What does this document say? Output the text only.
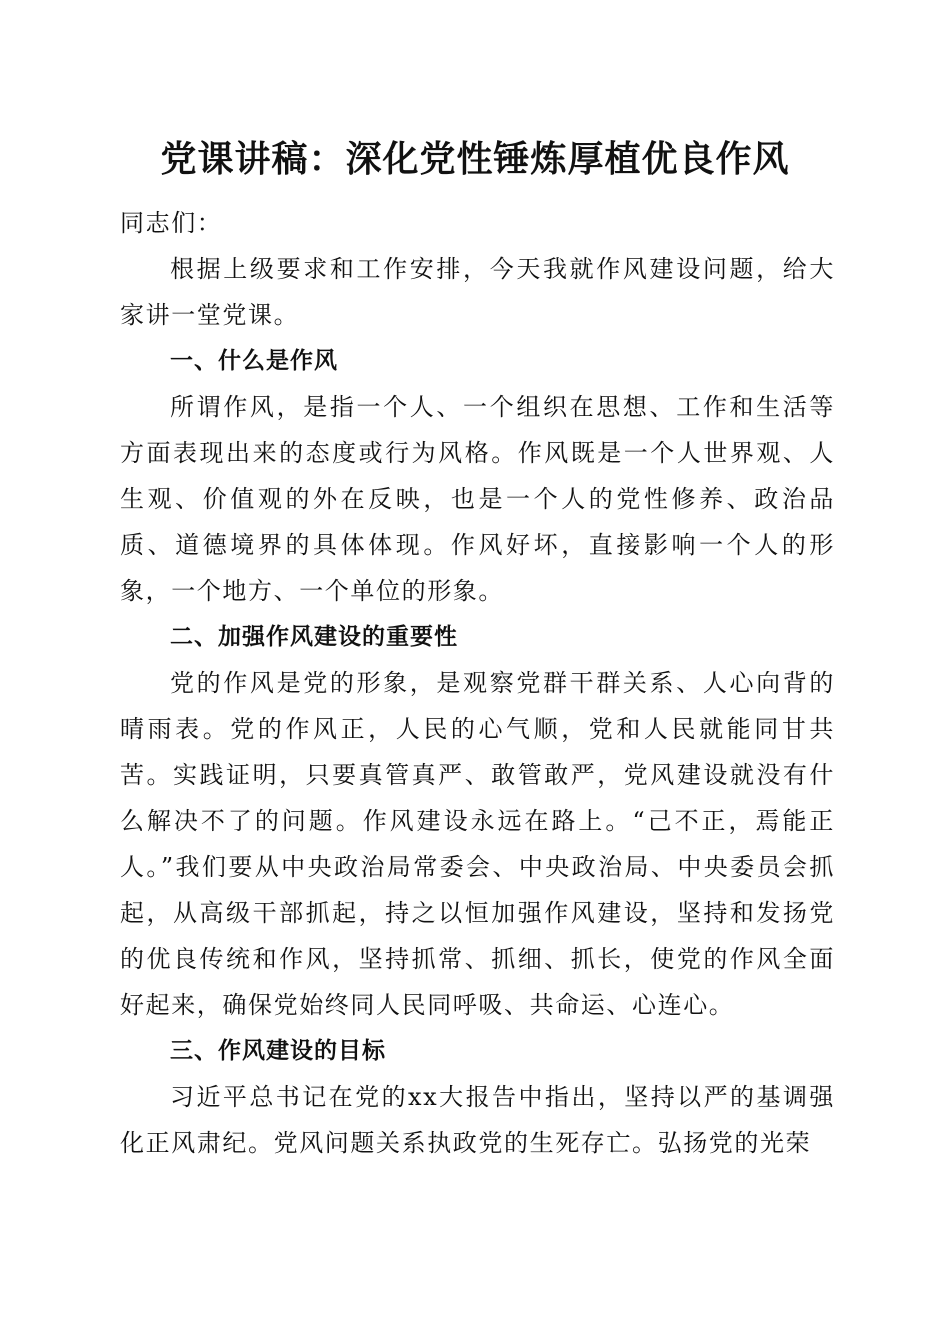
党课讲稿：深化党性锤炼厚植优良作风

同志们：

根据上级要求和工作安排，今天我就作风建设问题，给大家讲一堂党课。

一、什么是作风

所谓作风，是指一个人、一个组织在思想、工作和生活等方面表现出来的态度或行为风格。作风既是一个人世界观、人生观、价值观的外在反映，也是一个人的党性修养、政治品质、道德境界的具体体现。作风好坏，直接影响一个人的形象，一个地方、一个单位的形象。

二、加强作风建设的重要性

党的作风是党的形象，是观察党群干群关系、人心向背的晴雨表。党的作风正，人民的心气顺，党和人民就能同甘共苦。实践证明，只要真管真严、敢管敢严，党风建设就没有什么解决不了的问题。作风建设永远在路上。“己不正，焉能正人。”我们要从中央政治局常委会、中央政治局、中央委员会抓起，从高级干部抓起，持之以恒加强作风建设，坚持和发扬党的优良传统和作风，坚持抓常、抓细、抓长，使党的作风全面好起来，确保党始终同人民同呼吸、共命运、心连心。

三、作风建设的目标

习近平总书记在党的xx大报告中指出，坚持以严的基调强化正风肃纪。党风问题关系执政党的生死存亡。弘扬党的光荣
